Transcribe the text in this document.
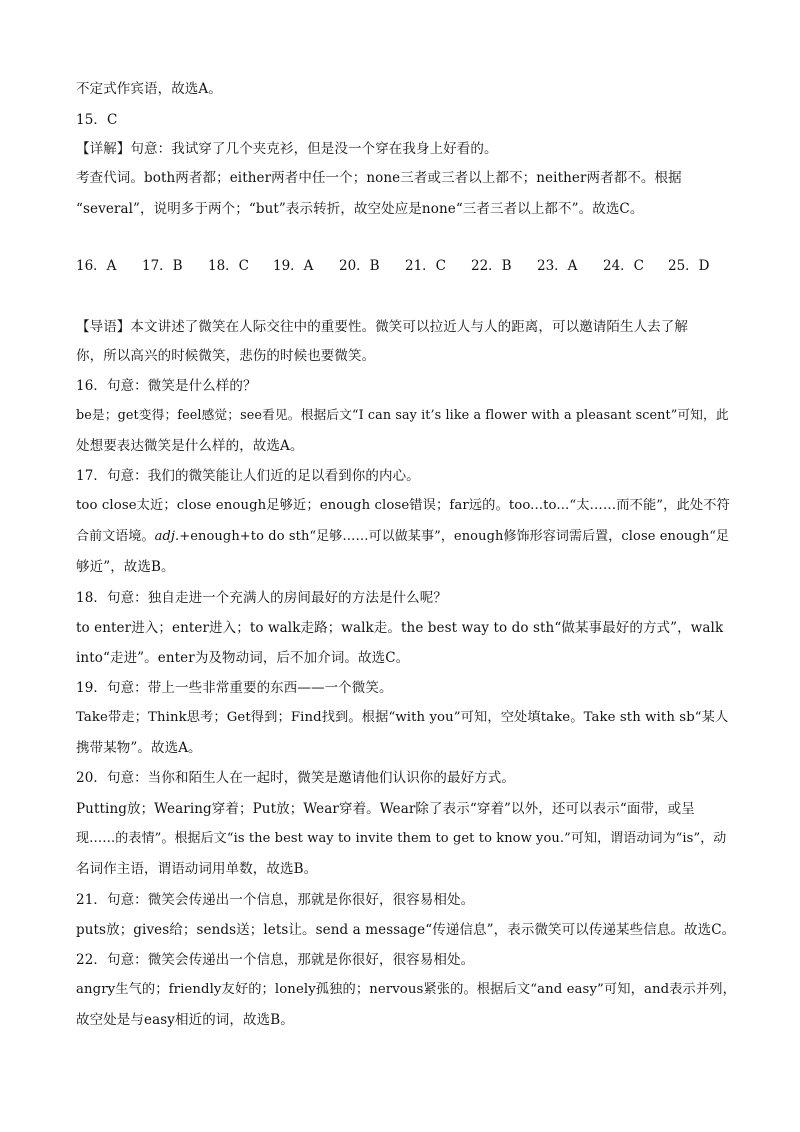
不定式作宾语，故选A。
15．C
【详解】句意：我试穿了几个夹克衫，但是没一个穿在我身上好看的。
考查代词。both两者都；either两者中任一个；none三者或三者以上都不；neither两者都不。根据
“several”，说明多于两个；“but”表示转折，故空处应是none“三者三者以上都不”。故选C。
16．A 17．B 18．C 19．A 20．B 21．C 22．B 23．A 24．C 25．D
【导语】本文讲述了微笑在人际交往中的重要性。微笑可以拉近人与人的距离，可以邀请陌生人去了解
你，所以高兴的时候微笑，悲伤的时候也要微笑。
16．句意：微笑是什么样的？
be是；get变得；feel感觉；see看见。根据后文“I can say it’s like a flower with a pleasant scent”可知，此
处想要表达微笑是什么样的，故选A。
17．句意：我们的微笑能让人们近的足以看到你的内心。
too close太近；close enough足够近；enough close错误；far远的。too...to...“太……而不能”，此处不符
合前文语境。adj.+enough+to do sth“足够……可以做某事”，enough修饰形容词需后置，close enough“足
够近”，故选B。
18．句意：独自走进一个充满人的房间最好的方法是什么呢？
to enter进入；enter进入；to walk走路；walk走。the best way to do sth“做某事最好的方式”，walk
into“走进”。enter为及物动词，后不加介词。故选C。
19．句意：带上一些非常重要的东西——一个微笑。
Take带走；Think思考；Get得到；Find找到。根据“with you”可知，空处填take。Take sth with sb“某人
携带某物”。故选A。
20．句意：当你和陌生人在一起时，微笑是邀请他们认识你的最好方式。
Putting放；Wearing穿着；Put放；Wear穿着。Wear除了表示“穿着”以外，还可以表示“面带，或呈
现……的表情”。根据后文“is the best way to invite them to get to know you.”可知，谓语动词为“is”，动
名词作主语，谓语动词用单数，故选B。
21．句意：微笑会传递出一个信息，那就是你很好，很容易相处。
puts放；gives给；sends送；lets让。send a message“传递信息”，表示微笑可以传递某些信息。故选C。
22．句意：微笑会传递出一个信息，那就是你很好，很容易相处。
angry生气的；friendly友好的；lonely孤独的；nervous紧张的。根据后文“and easy”可知，and表示并列，
故空处是与easy相近的词，故选B。
